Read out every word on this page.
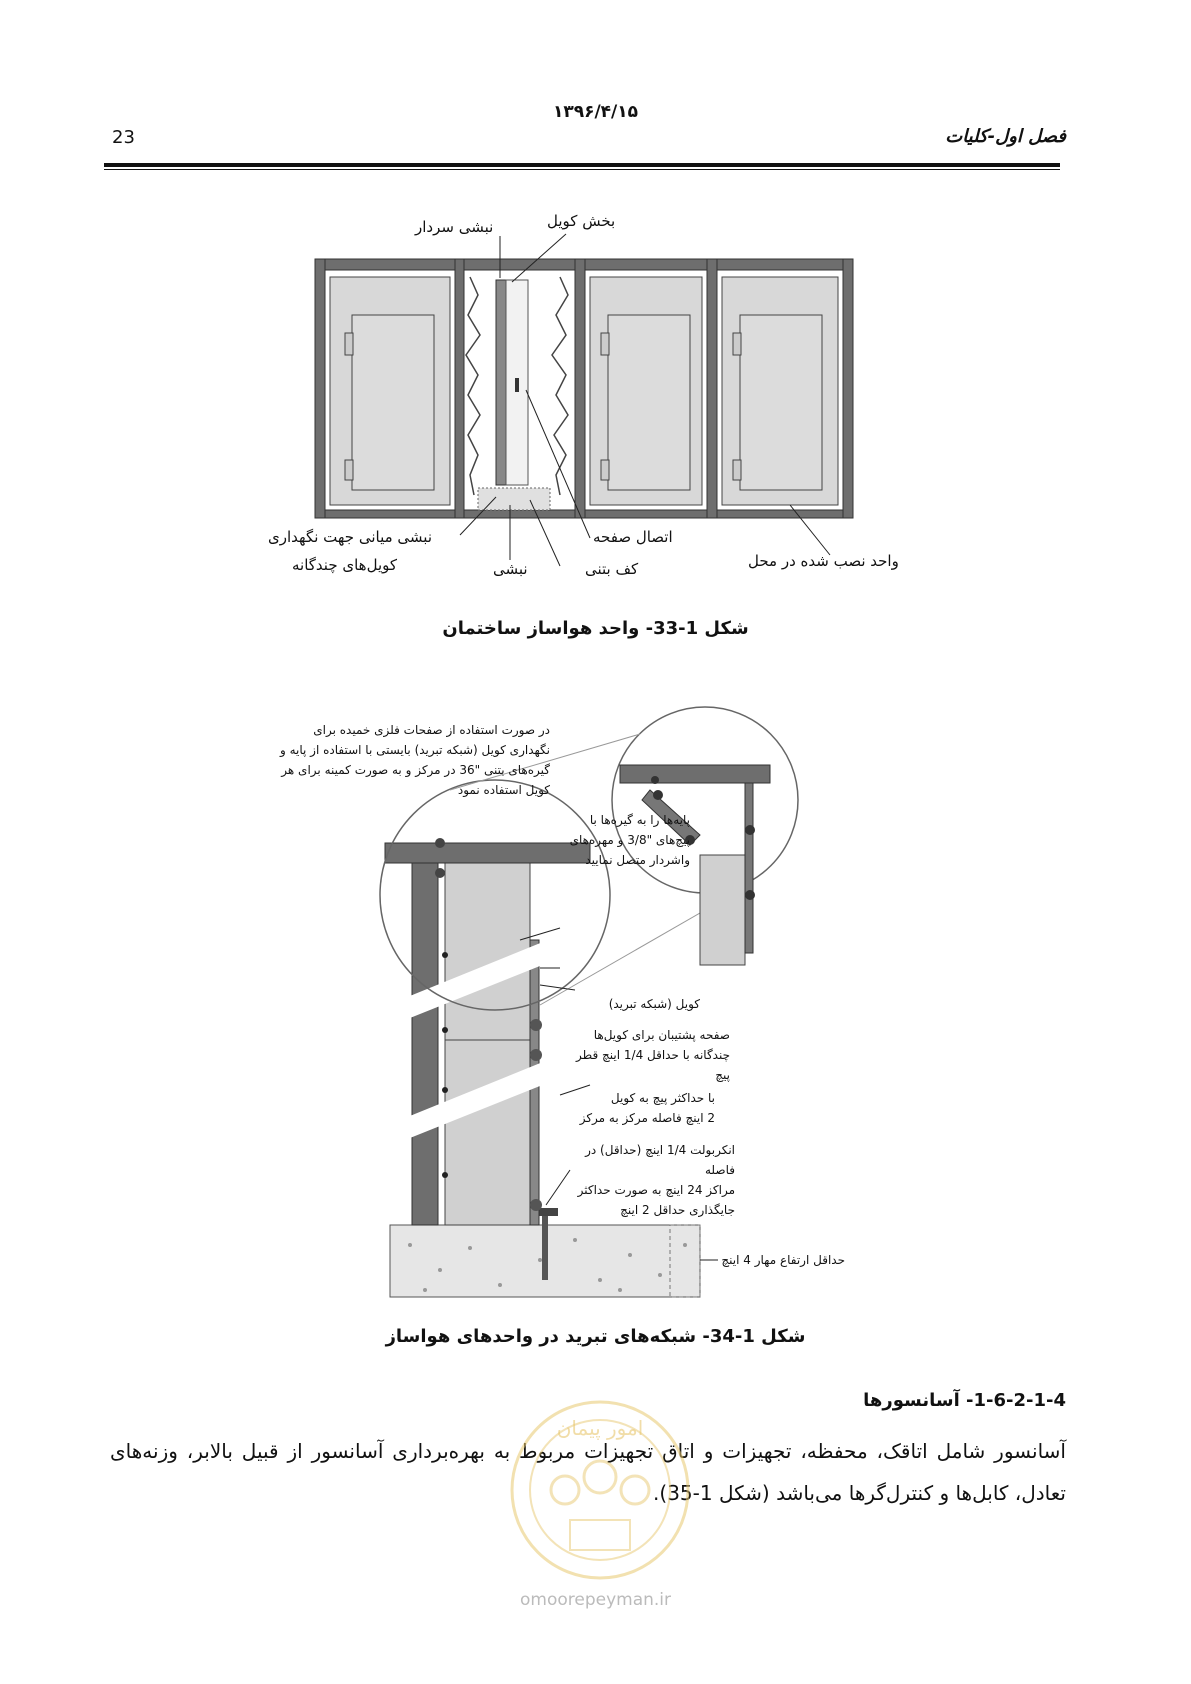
۱۳۹۶/۴/۱۵
23	فصل اول-کلیات
نبشی سردار	بخش کویل
نبشی میانی جهت نگهداری
کویل‌های چندگانه	نبشی
اتصال صفحه
کف بتنی	واحد نصب شده در محل
شکل 1-33- واحد هواساز ساختمان
در صورت استفاده از صفحات فلزی خمیده برای
نگهداری کویل (شبکه تبرید) بایستی با استفاده از پایه و
گیره‌های بتنی "36 در مرکز و به صورت کمینه برای هر
کویل استفاده نمود
پایه‌ها را به گیره‌ها با
پیچ‌های "3/8 و مهره‌های
واشردار متصل نمایید
کویل (شبکه تبرید)
صفحه پشتیبان برای کویل‌ها
چندگانه با حداقل 1/4 اینچ قطر پیچ
با حداکثر پیچ به کویل
2 اینچ فاصله مرکز به مرکز
انکربولت 1/4 اینچ (حداقل) در فاصله
مراکز 24 اینچ به صورت حداکثر
جایگذاری حداقل 2 اینچ
حداقل ارتفاع مهار 4 اینچ
شکل 1-34- شبکه‌های تبرید در واحدهای هواساز
1-6-2-1-4- آسانسورها
آسانسور شامل اتاقک، محفظه، تجهیزات و اتاق تجهیزات مربوط به بهره‌برداری آسانسور از قبیل بالابر، وزنه‌های تعادل، کابل‌ها و کنترل‌گرها می‌باشد (شکل 1-35).
امور پیمان
omoorepeyman.ir
